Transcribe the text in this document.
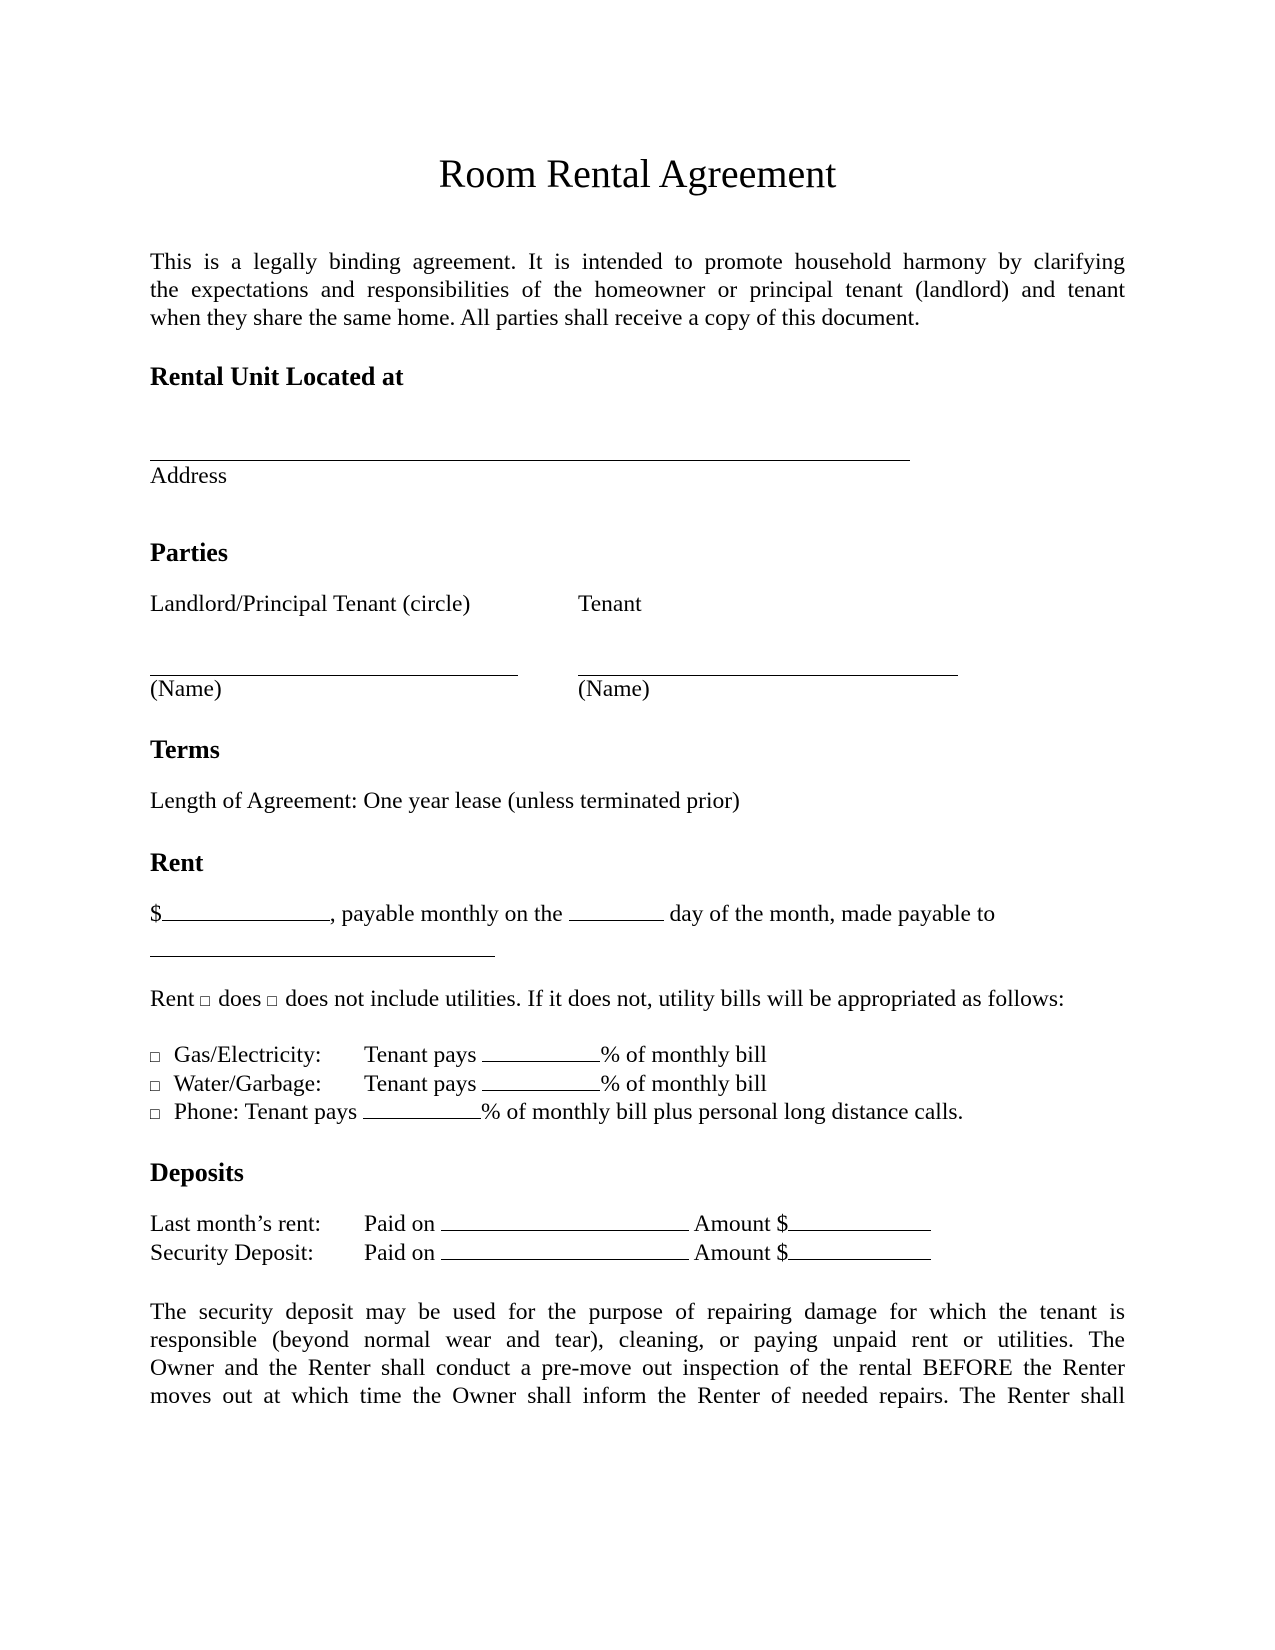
Room Rental Agreement
This is a legally binding agreement. It is intended to promote household harmony by clarifying
the expectations and responsibilities of the homeowner or principal tenant (landlord) and tenant
when they share the same home. All parties shall receive a copy of this document.
Rental Unit Located at
Address
Parties
Landlord/Principal Tenant (circle)	Tenant
(Name)	(Name)
Terms
Length of Agreement: One year lease (unless terminated prior)
Rent
$	, payable monthly on the	day of the month, made payable to
Rent □ does □ does not include utilities. If it does not, utility bills will be appropriated as follows:
□ Gas/Electricity: Tenant pays	% of monthly bill
□ Water/Garbage: Tenant pays	% of monthly bill
□ Phone: Tenant pays	% of monthly bill plus personal long distance calls.
Deposits
Last month’s rent: Paid on	Amount $
Security Deposit: Paid on	Amount $
The security deposit may be used for the purpose of repairing damage for which the tenant is
responsible (beyond normal wear and tear), cleaning, or paying unpaid rent or utilities. The
Owner and the Renter shall conduct a pre-move out inspection of the rental BEFORE the Renter
moves out at which time the Owner shall inform the Renter of needed repairs. The Renter shall
